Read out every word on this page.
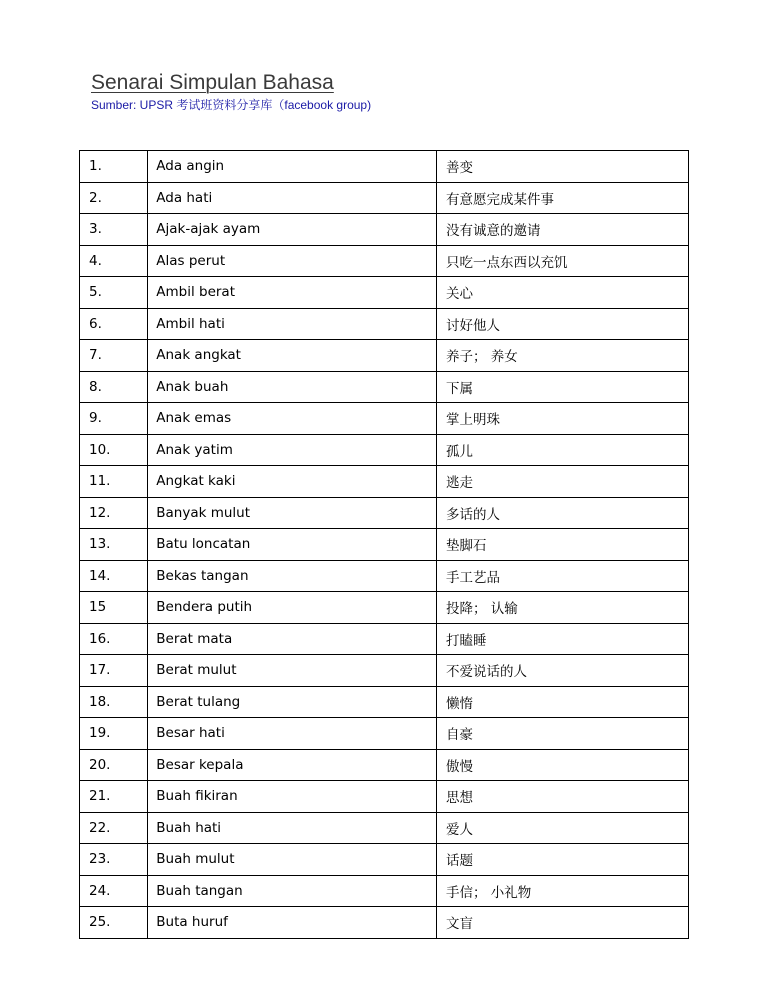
Senarai Simpulan Bahasa
Sumber: UPSR 考试班资料分享库（facebook group)
1.	Ada angin	善变
2.	Ada hati	有意愿完成某件事
3.	Ajak-ajak ayam	没有诚意的邀请
4.	Alas perut	只吃一点东西以充饥
5.	Ambil berat	关心
6.	Ambil hati	讨好他人
7.	Anak angkat	养子； 养女
8.	Anak buah	下属
9.	Anak emas	掌上明珠
10.	Anak yatim	孤儿
11.	Angkat kaki	逃走
12.	Banyak mulut	多话的人
13.	Batu loncatan	垫脚石
14.	Bekas tangan	手工艺品
15	Bendera putih	投降； 认输
16.	Berat mata	打瞌睡
17.	Berat mulut	不爱说话的人
18.	Berat tulang	懒惰
19.	Besar hati	自豪
20.	Besar kepala	傲慢
21.	Buah fikiran	思想
22.	Buah hati	爱人
23.	Buah mulut	话题
24.	Buah tangan	手信； 小礼物
25.	Buta huruf	文盲
